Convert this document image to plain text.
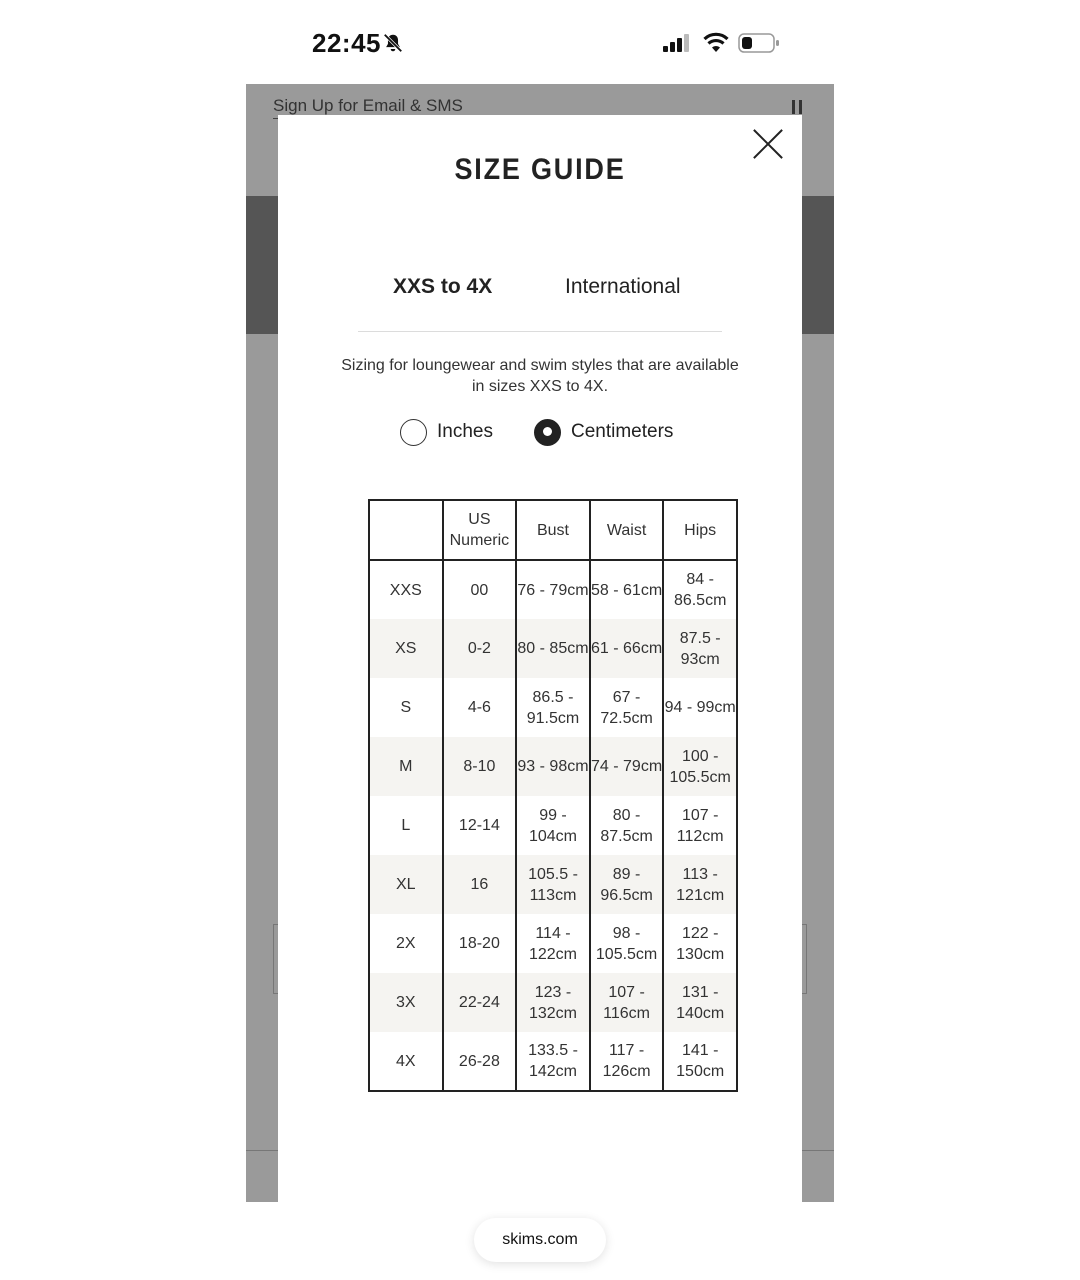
22:45
Sign Up for Email & SMS
SIZE GUIDE
XXS to 4X	International
Sizing for loungewear and swim styles that are available in sizes XXS to 4X.
Inches	Centimeters
	US Numeric	Bust	Waist	Hips
XXS	00	76 - 79cm	58 - 61cm	84 - 86.5cm
XS	0-2	80 - 85cm	61 - 66cm	87.5 - 93cm
S	4-6	86.5 - 91.5cm	67 - 72.5cm	94 - 99cm
M	8-10	93 - 98cm	74 - 79cm	100 - 105.5cm
L	12-14	99 - 104cm	80 - 87.5cm	107 - 112cm
XL	16	105.5 - 113cm	89 - 96.5cm	113 - 121cm
2X	18-20	114 - 122cm	98 - 105.5cm	122 - 130cm
3X	22-24	123 - 132cm	107 - 116cm	131 - 140cm
4X	26-28	133.5 - 142cm	117 - 126cm	141 - 150cm
skims.com
